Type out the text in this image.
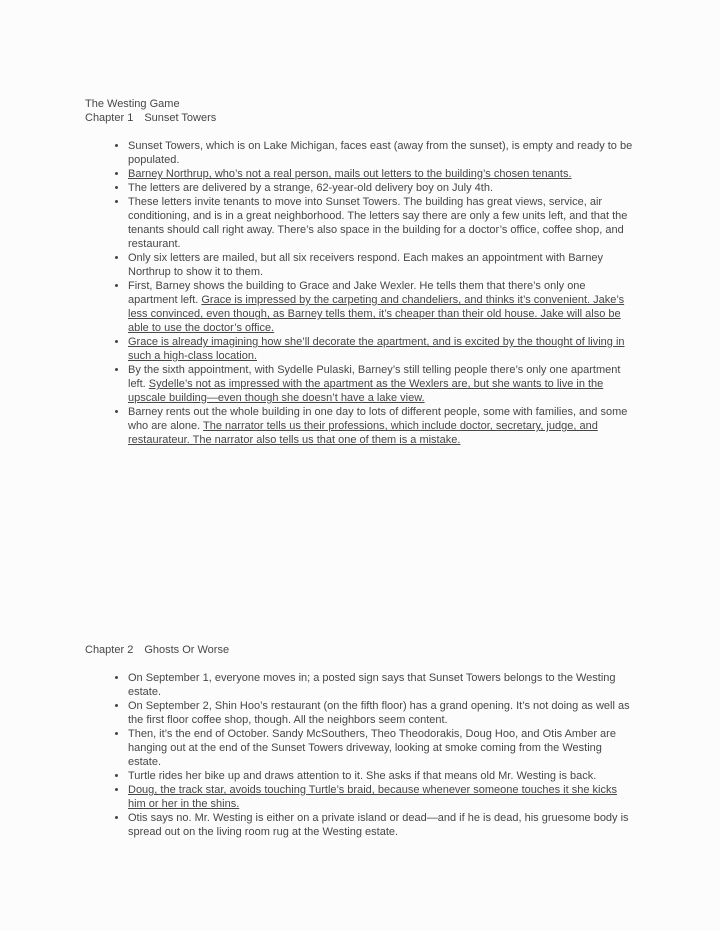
The Westing Game
Chapter 1 Sunset Towers
• Sunset Towers, which is on Lake Michigan, faces east (away from the sunset), is empty and ready to be populated.
• Barney Northrup, who’s not a real person, mails out letters to the building’s chosen tenants.
• The letters are delivered by a strange, 62-year-old delivery boy on July 4th.
• These letters invite tenants to move into Sunset Towers. The building has great views, service, air conditioning, and is in a great neighborhood. The letters say there are only a few units left, and that the tenants should call right away. There’s also space in the building for a doctor’s office, coffee shop, and restaurant.
• Only six letters are mailed, but all six receivers respond. Each makes an appointment with Barney Northrup to show it to them.
• First, Barney shows the building to Grace and Jake Wexler. He tells them that there’s only one apartment left. Grace is impressed by the carpeting and chandeliers, and thinks it’s convenient. Jake’s less convinced, even though, as Barney tells them, it’s cheaper than their old house. Jake will also be able to use the doctor’s office.
• Grace is already imagining how she’ll decorate the apartment, and is excited by the thought of living in such a high-class location.
• By the sixth appointment, with Sydelle Pulaski, Barney’s still telling people there’s only one apartment left. Sydelle’s not as impressed with the apartment as the Wexlers are, but she wants to live in the upscale building—even though she doesn’t have a lake view.
• Barney rents out the whole building in one day to lots of different people, some with families, and some who are alone. The narrator tells us their professions, which include doctor, secretary, judge, and restaurateur. The narrator also tells us that one of them is a mistake.
Chapter 2 Ghosts Or Worse
• On September 1, everyone moves in; a posted sign says that Sunset Towers belongs to the Westing estate.
• On September 2, Shin Hoo’s restaurant (on the fifth floor) has a grand opening. It’s not doing as well as the first floor coffee shop, though. All the neighbors seem content.
• Then, it’s the end of October. Sandy McSouthers, Theo Theodorakis, Doug Hoo, and Otis Amber are hanging out at the end of the Sunset Towers driveway, looking at smoke coming from the Westing estate.
• Turtle rides her bike up and draws attention to it. She asks if that means old Mr. Westing is back.
• Doug, the track star, avoids touching Turtle’s braid, because whenever someone touches it she kicks him or her in the shins.
• Otis says no. Mr. Westing is either on a private island or dead—and if he is dead, his gruesome body is spread out on the living room rug at the Westing estate.
